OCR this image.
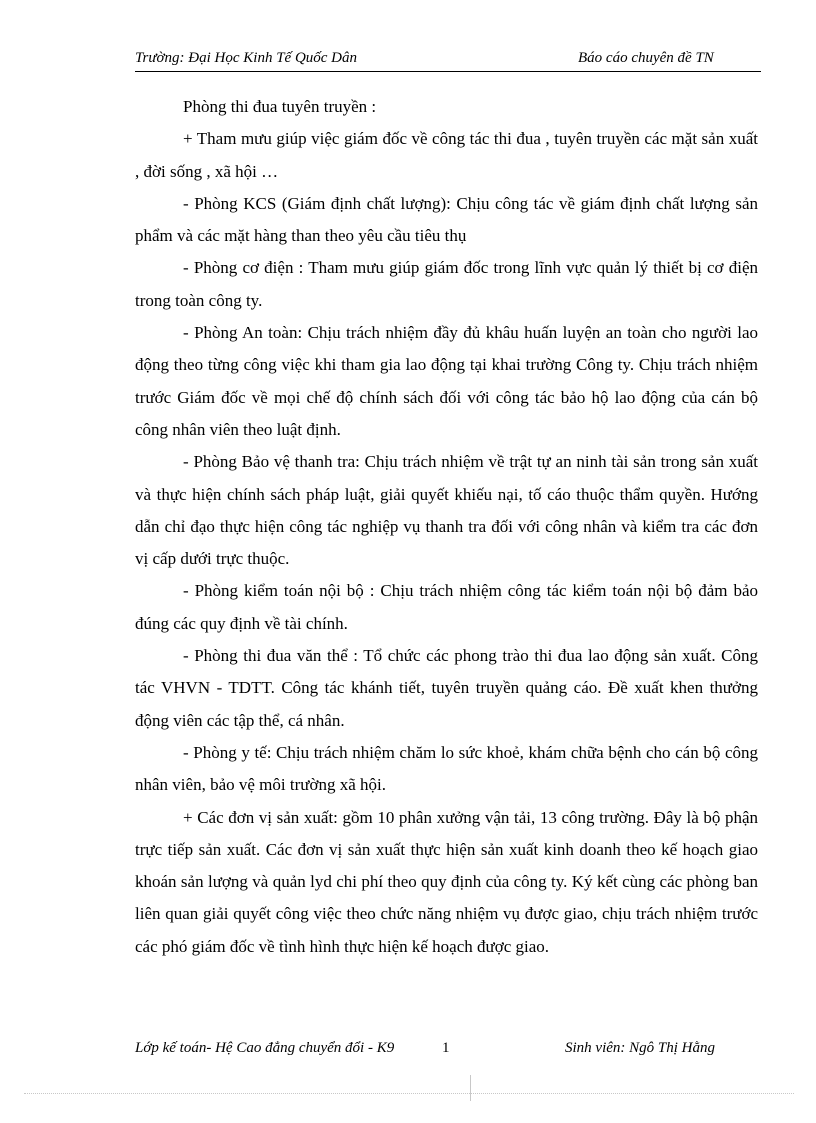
Trường: Đại Học Kinh Tế Quốc Dân	Báo cáo chuyên đề TN

Phòng thi đua tuyên truyền :

+ Tham mưu giúp việc giám đốc về công tác thi đua , tuyên truyền các mặt sản xuất , đời sống , xã hội …

- Phòng KCS (Giám định chất lượng): Chịu công tác về giám định chất lượng sản phẩm và các mặt hàng than theo yêu cầu tiêu thụ

- Phòng cơ điện : Tham mưu giúp giám đốc trong lĩnh vực quản lý thiết bị cơ điện trong toàn công ty.

- Phòng An toàn: Chịu trách nhiệm đầy đủ khâu huấn luyện an toàn cho người lao động theo từng công việc khi tham gia lao động tại khai trường Công ty. Chịu trách nhiệm trước Giám đốc về mọi chế độ chính sách đối với công tác bảo hộ lao động của cán bộ công nhân viên theo luật định.

- Phòng Bảo vệ thanh tra: Chịu trách nhiệm về trật tự an ninh tài sản trong sản xuất và thực hiện chính sách pháp luật, giải quyết khiếu nại, tố cáo thuộc thẩm quyền. Hướng dẫn chỉ đạo thực hiện công tác nghiệp vụ thanh tra đối với công nhân và kiểm tra các đơn vị cấp dưới trực thuộc.

- Phòng kiểm toán nội bộ : Chịu trách nhiệm công tác kiểm toán nội bộ đảm bảo đúng các quy định về tài chính.

- Phòng thi đua văn thể : Tổ chức các phong trào thi đua lao động sản xuất. Công tác VHVN - TDTT. Công tác khánh tiết, tuyên truyền quảng cáo. Đề xuất khen thưởng động viên các tập thể, cá nhân.

- Phòng y tế: Chịu trách nhiệm chăm lo sức khoẻ, khám chữa bệnh cho cán bộ công nhân viên, bảo vệ môi trường xã hội.

+ Các đơn vị sản xuất: gồm 10 phân xưởng vận tải, 13 công trường. Đây là bộ phận trực tiếp sản xuất. Các đơn vị sản xuất thực hiện sản xuất kinh doanh theo kế hoạch giao khoán sản lượng và quản lyd chi phí theo quy định của công ty. Ký kết cùng các phòng ban liên quan giải quyết công việc theo chức năng nhiệm vụ được giao, chịu trách nhiệm trước các phó giám đốc về tình hình thực hiện kế hoạch được giao.

Lớp kế toán- Hệ Cao đẳng chuyển đổi - K9	1	Sinh viên: Ngô Thị Hằng
